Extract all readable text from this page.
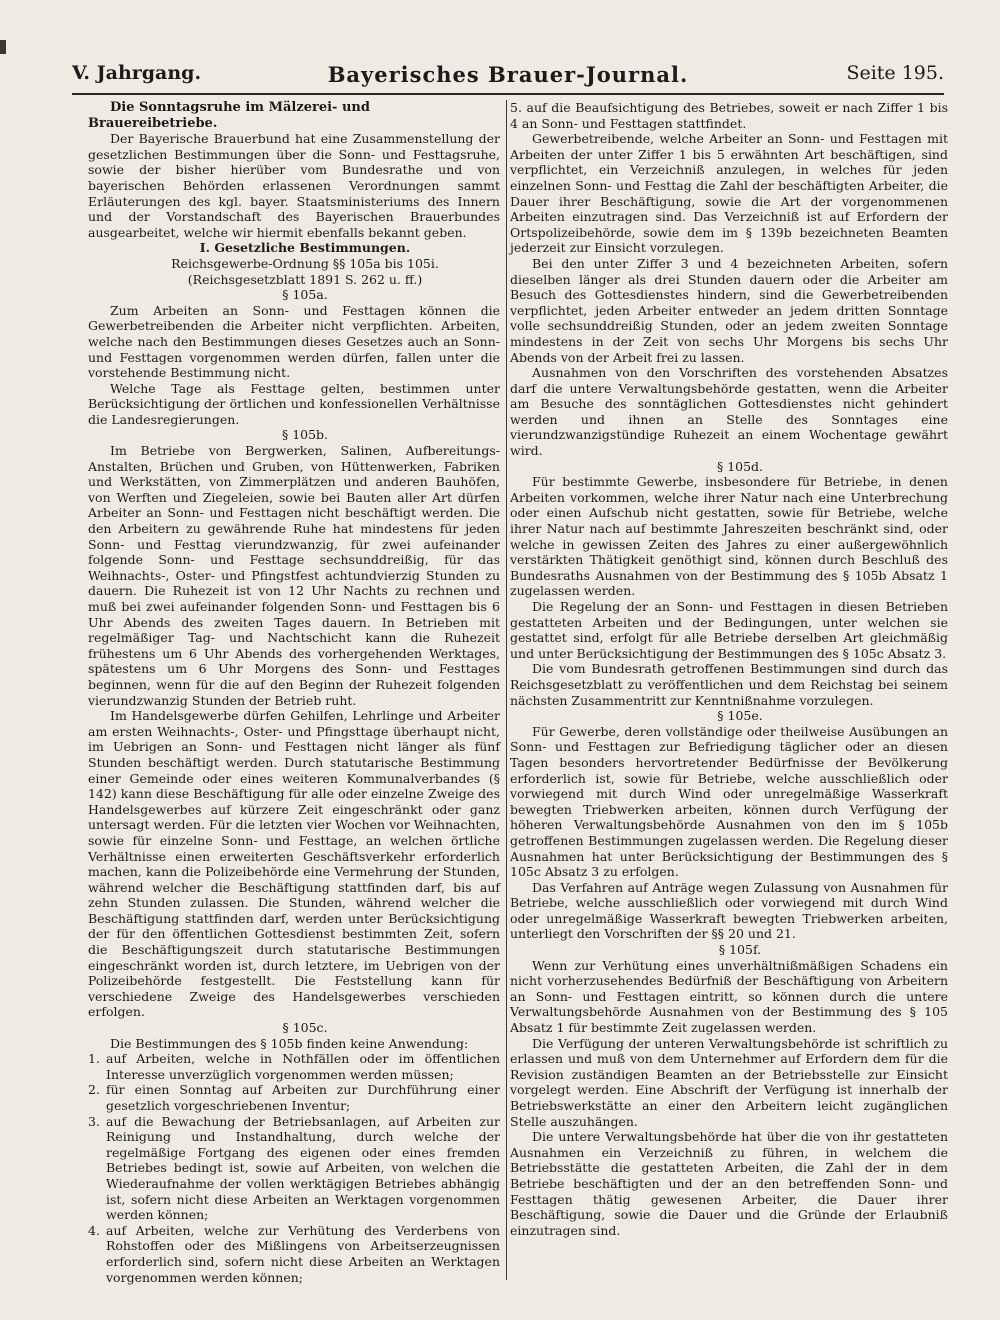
V. Jahrgang.	Bayerisches Brauer-Journal.	Seite 195.

Die Sonntagsruhe im Mälzerei- und Brauereibetriebe.

Der Bayerische Brauerbund hat eine Zusammenstellung der gesetzlichen Bestimmungen über die Sonn- und Festtagsruhe, sowie der bisher hierüber vom Bundesrathe und von bayerischen Behörden erlassenen Verordnungen sammt Erläuterungen des kgl. bayer. Staatsministeriums des Innern und der Vorstandschaft des Bayerischen Brauerbundes ausgearbeitet, welche wir hiermit ebenfalls bekannt geben.

I. Gesetzliche Bestimmungen.

Reichsgewerbe-Ordnung §§ 105a bis 105i.

(Reichsgesetzblatt 1891 S. 262 u. ff.)

§ 105a.

Zum Arbeiten an Sonn- und Festtagen können die Gewerbetreibenden die Arbeiter nicht verpflichten. Arbeiten, welche nach den Bestimmungen dieses Gesetzes auch an Sonn- und Festtagen vorgenommen werden dürfen, fallen unter die vorstehende Bestimmung nicht.

Welche Tage als Festtage gelten, bestimmen unter Berücksichtigung der örtlichen und konfessionellen Verhältnisse die Landesregierungen.

§ 105b.

Im Betriebe von Bergwerken, Salinen, Aufbereitungs-Anstalten, Brüchen und Gruben, von Hüttenwerken, Fabriken und Werkstätten, von Zimmerplätzen und anderen Bauhöfen, von Werften und Ziegeleien, sowie bei Bauten aller Art dürfen Arbeiter an Sonn- und Festtagen nicht beschäftigt werden. Die den Arbeitern zu gewährende Ruhe hat mindestens für jeden Sonn- und Festtag vierundzwanzig, für zwei aufeinander folgende Sonn- und Festtage sechsunddreißig, für das Weihnachts-, Oster- und Pfingstfest achtundvierzig Stunden zu dauern. Die Ruhezeit ist von 12 Uhr Nachts zu rechnen und muß bei zwei aufeinander folgenden Sonn- und Festtagen bis 6 Uhr Abends des zweiten Tages dauern. In Betrieben mit regelmäßiger Tag- und Nachtschicht kann die Ruhezeit frühestens um 6 Uhr Abends des vorhergehenden Werktages, spätestens um 6 Uhr Morgens des Sonn- und Festtages beginnen, wenn für die auf den Beginn der Ruhezeit folgenden vierundzwanzig Stunden der Betrieb ruht.

Im Handelsgewerbe dürfen Gehilfen, Lehrlinge und Arbeiter am ersten Weihnachts-, Oster- und Pfingsttage überhaupt nicht, im Uebrigen an Sonn- und Festtagen nicht länger als fünf Stunden beschäftigt werden. Durch statutarische Bestimmung einer Gemeinde oder eines weiteren Kommunalverbandes (§ 142) kann diese Beschäftigung für alle oder einzelne Zweige des Handelsgewerbes auf kürzere Zeit eingeschränkt oder ganz untersagt werden. Für die letzten vier Wochen vor Weihnachten, sowie für einzelne Sonn- und Festtage, an welchen örtliche Verhältnisse einen erweiterten Geschäftsverkehr erforderlich machen, kann die Polizeibehörde eine Vermehrung der Stunden, während welcher die Beschäftigung stattfinden darf, bis auf zehn Stunden zulassen. Die Stunden, während welcher die Beschäftigung stattfinden darf, werden unter Berücksichtigung der für den öffentlichen Gottesdienst bestimmten Zeit, sofern die Beschäftigungszeit durch statutarische Bestimmungen eingeschränkt worden ist, durch letztere, im Uebrigen von der Polizeibehörde festgestellt. Die Feststellung kann für verschiedene Zweige des Handelsgewerbes verschieden erfolgen.

§ 105c.

Die Bestimmungen des § 105b finden keine Anwendung:

1. auf Arbeiten, welche in Nothfällen oder im öffentlichen Interesse unverzüglich vorgenommen werden müssen;
2. für einen Sonntag auf Arbeiten zur Durchführung einer gesetzlich vorgeschriebenen Inventur;
3. auf die Bewachung der Betriebsanlagen, auf Arbeiten zur Reinigung und Instandhaltung, durch welche der regelmäßige Fortgang des eigenen oder eines fremden Betriebes bedingt ist, sowie auf Arbeiten, von welchen die Wiederaufnahme der vollen werktägigen Betriebes abhängig ist, sofern nicht diese Arbeiten an Werktagen vorgenommen werden können;
4. auf Arbeiten, welche zur Verhütung des Verderbens von Rohstoffen oder des Mißlingens von Arbeitserzeugnissen erforderlich sind, sofern nicht diese Arbeiten an Werktagen vorgenommen werden können;

5. auf die Beaufsichtigung des Betriebes, soweit er nach Ziffer 1 bis 4 an Sonn- und Festtagen stattfindet.

Gewerbetreibende, welche Arbeiter an Sonn- und Festtagen mit Arbeiten der unter Ziffer 1 bis 5 erwähnten Art beschäftigen, sind verpflichtet, ein Verzeichniß anzulegen, in welches für jeden einzelnen Sonn- und Festtag die Zahl der beschäftigten Arbeiter, die Dauer ihrer Beschäftigung, sowie die Art der vorgenommenen Arbeiten einzutragen sind. Das Verzeichniß ist auf Erfordern der Ortspolizeibehörde, sowie dem im § 139b bezeichneten Beamten jederzeit zur Einsicht vorzulegen.

Bei den unter Ziffer 3 und 4 bezeichneten Arbeiten, sofern dieselben länger als drei Stunden dauern oder die Arbeiter am Besuch des Gottesdienstes hindern, sind die Gewerbetreibenden verpflichtet, jeden Arbeiter entweder an jedem dritten Sonntage volle sechsunddreißig Stunden, oder an jedem zweiten Sonntage mindestens in der Zeit von sechs Uhr Morgens bis sechs Uhr Abends von der Arbeit frei zu lassen.

Ausnahmen von den Vorschriften des vorstehenden Absatzes darf die untere Verwaltungsbehörde gestatten, wenn die Arbeiter am Besuche des sonntäglichen Gottesdienstes nicht gehindert werden und ihnen an Stelle des Sonntages eine vierundzwanzigstündige Ruhezeit an einem Wochentage gewährt wird.

§ 105d.

Für bestimmte Gewerbe, insbesondere für Betriebe, in denen Arbeiten vorkommen, welche ihrer Natur nach eine Unterbrechung oder einen Aufschub nicht gestatten, sowie für Betriebe, welche ihrer Natur nach auf bestimmte Jahreszeiten beschränkt sind, oder welche in gewissen Zeiten des Jahres zu einer außergewöhnlich verstärkten Thätigkeit genöthigt sind, können durch Beschluß des Bundesraths Ausnahmen von der Bestimmung des § 105b Absatz 1 zugelassen werden.

Die Regelung der an Sonn- und Festtagen in diesen Betrieben gestatteten Arbeiten und der Bedingungen, unter welchen sie gestattet sind, erfolgt für alle Betriebe derselben Art gleichmäßig und unter Berücksichtigung der Bestimmungen des § 105c Absatz 3.

Die vom Bundesrath getroffenen Bestimmungen sind durch das Reichsgesetzblatt zu veröffentlichen und dem Reichstag bei seinem nächsten Zusammentritt zur Kenntnißnahme vorzulegen.

§ 105e.

Für Gewerbe, deren vollständige oder theilweise Ausübungen an Sonn- und Festtagen zur Befriedigung täglicher oder an diesen Tagen besonders hervortretender Bedürfnisse der Bevölkerung erforderlich ist, sowie für Betriebe, welche ausschließlich oder vorwiegend mit durch Wind oder unregelmäßige Wasserkraft bewegten Triebwerken arbeiten, können durch Verfügung der höheren Verwaltungsbehörde Ausnahmen von den im § 105b getroffenen Bestimmungen zugelassen werden. Die Regelung dieser Ausnahmen hat unter Berücksichtigung der Bestimmungen des § 105c Absatz 3 zu erfolgen.

Das Verfahren auf Anträge wegen Zulassung von Ausnahmen für Betriebe, welche ausschließlich oder vorwiegend mit durch Wind oder unregelmäßige Wasserkraft bewegten Triebwerken arbeiten, unterliegt den Vorschriften der §§ 20 und 21.

§ 105f.

Wenn zur Verhütung eines unverhältnißmäßigen Schadens ein nicht vorherzusehendes Bedürfniß der Beschäftigung von Arbeitern an Sonn- und Festtagen eintritt, so können durch die untere Verwaltungsbehörde Ausnahmen von der Bestimmung des § 105 Absatz 1 für bestimmte Zeit zugelassen werden.

Die Verfügung der unteren Verwaltungsbehörde ist schriftlich zu erlassen und muß von dem Unternehmer auf Erfordern dem für die Revision zuständigen Beamten an der Betriebsstelle zur Einsicht vorgelegt werden. Eine Abschrift der Verfügung ist innerhalb der Betriebswerkstätte an einer den Arbeitern leicht zugänglichen Stelle auszuhängen.

Die untere Verwaltungsbehörde hat über die von ihr gestatteten Ausnahmen ein Verzeichniß zu führen, in welchem die Betriebsstätte die gestatteten Arbeiten, die Zahl der in dem Betriebe beschäftigten und der an den betreffenden Sonn- und Festtagen thätig gewesenen Arbeiter, die Dauer ihrer Beschäftigung, sowie die Dauer und die Gründe der Erlaubniß einzutragen sind.
